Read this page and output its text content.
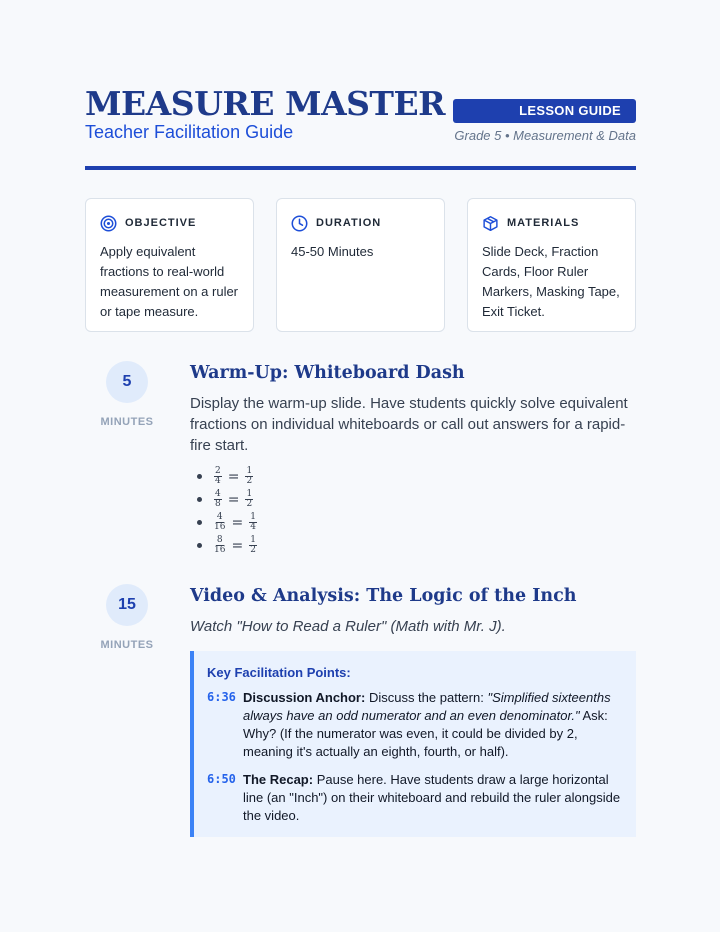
MEASURE MASTER
Teacher Facilitation Guide
LESSON GUIDE
Grade 5 • Measurement & Data
OBJECTIVE
Apply equivalent fractions to real-world measurement on a ruler or tape measure.
DURATION
45-50 Minutes
MATERIALS
Slide Deck, Fraction Cards, Floor Ruler Markers, Masking Tape, Exit Ticket.
5
MINUTES
Warm-Up: Whiteboard Dash
Display the warm-up slide. Have students quickly solve equivalent fractions on individual whiteboards or call out answers for a rapid-fire start.
$\frac{2}{4} = \frac{1}{2}$
$\frac{4}{8} = \frac{1}{2}$
$\frac{4}{16} = \frac{1}{4}$
$\frac{8}{16} = \frac{1}{2}$
15
MINUTES
Video & Analysis: The Logic of the Inch
Watch "How to Read a Ruler" (Math with Mr. J).
Key Facilitation Points:
6:36 Discussion Anchor: Discuss the pattern: "Simplified sixteenths always have an odd numerator and an even denominator." Ask: Why? (If the numerator was even, it could be divided by 2, meaning it's actually an eighth, fourth, or half).
6:50 The Recap: Pause here. Have students draw a large horizontal line (an "Inch") on their whiteboard and rebuild the ruler alongside the video.
